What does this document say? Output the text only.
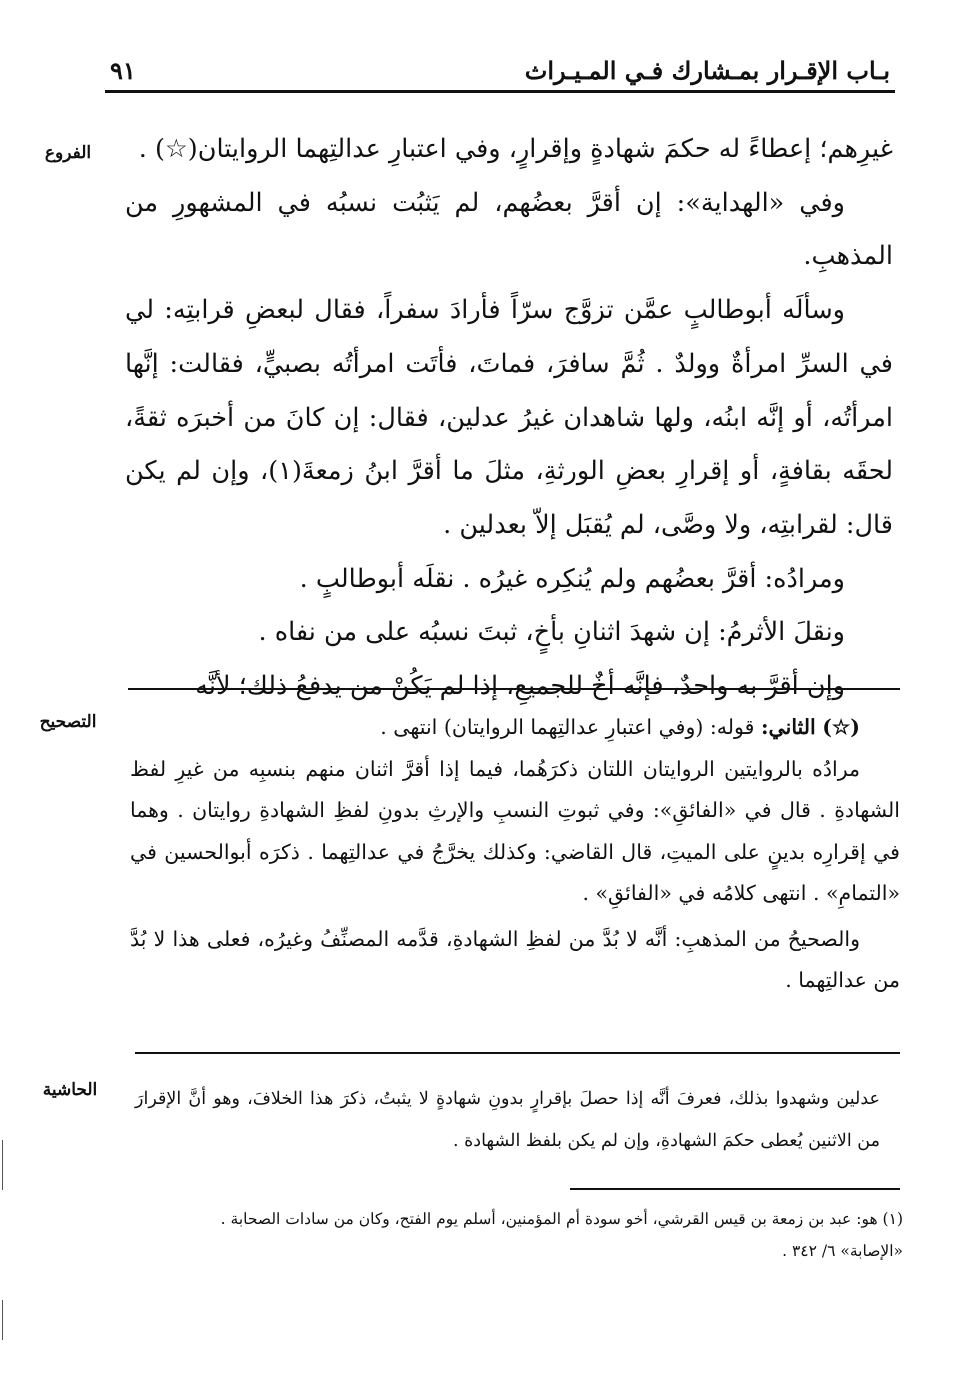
بـاب الإقـرار بمـشارك فـي المـيـراث
٩١
الفروع
التصحيح
الحاشية

غيرِهم؛ إعطاءً له حكمَ شهادةٍ وإقرارٍ، وفي اعتبارِ عدالتِهما الروايتان(☆) .

وفي «الهداية»: إن أقرَّ بعضُهم، لم يَثبُت نسبُه في المشهورِ من المذهبِ.

وسألَه أبوطالبٍ عمَّن تزوَّج سرّاً فأرادَ سفراً، فقال لبعضِ قرابتِه: لي في السرِّ امرأةٌ وولدٌ . ثُمَّ سافرَ، فماتَ، فأتَت امرأتُه بصبيٍّ، فقالت: إنَّها امرأتُه، أو إنَّه ابنُه، ولها شاهدان غيرُ عدلين، فقال: إن كانَ من أخبرَه ثقةً، لحقَه بقافةٍ، أو إقرارِ بعضِ الورثةِ، مثلَ ما أقرَّ ابنُ زمعةَ(١)، وإن لم يكن قال: لقرابتِه، ولا وصَّى، لم يُقبَل إلاّ بعدلين .

ومرادُه: أقرَّ بعضُهم ولم يُنكِره غيرُه . نقلَه أبوطالبٍ .

ونقلَ الأثرمُ: إن شهدَ اثنانِ بأخٍ، ثبتَ نسبُه على من نفاه .

وإن أقرَّ به واحدٌ، فإنَّه أخٌ للجميعِ، إذا لم يَكُنْ من يدفعُ ذلك؛ لأنَّه

(☆) الثاني: قوله: (وفي اعتبارِ عدالتِهما الروايتان) انتهى .

مرادُه بالروايتين الروايتان اللتان ذكرَهُما، فيما إذا أقرَّ اثنان منهم بنسبِه من غيرِ لفظ الشهادةِ . قال في «الفائقِ»: وفي ثبوتِ النسبِ والإرثِ بدونِ لفظِ الشهادةِ روايتان . وهما في إقرارِه بدينٍ على الميتِ، قال القاضي: وكذلك يخرَّجُ في عدالتِهما . ذكرَه أبوالحسين في «التمامِ» . انتهى كلامُه في «الفائقِ» .

والصحيحُ من المذهبِ: أنَّه لا بُدَّ من لفظِ الشهادةِ، قدَّمه المصنِّفُ وغيرُه، فعلى هذا لا بُدَّ من عدالتِهما .

عدلين وشهدوا بذلك، فعرفَ أنَّه إذا حصلَ بإقرارٍ بدونِ شهادةٍ لا يثبتُ، ذكرَ هذا الخلافَ، وهو أنَّ الإقرارَ من الاثنين يُعطى حكمَ الشهادةِ، وإن لم يكن بلفظ الشهادة .

(١) هو: عبد بن زمعة بن قيس القرشي، أخو سودة أم المؤمنين، أسلم يوم الفتح، وكان من سادات الصحابة .

«الإصابة» ٦/ ٣٤٢ .
